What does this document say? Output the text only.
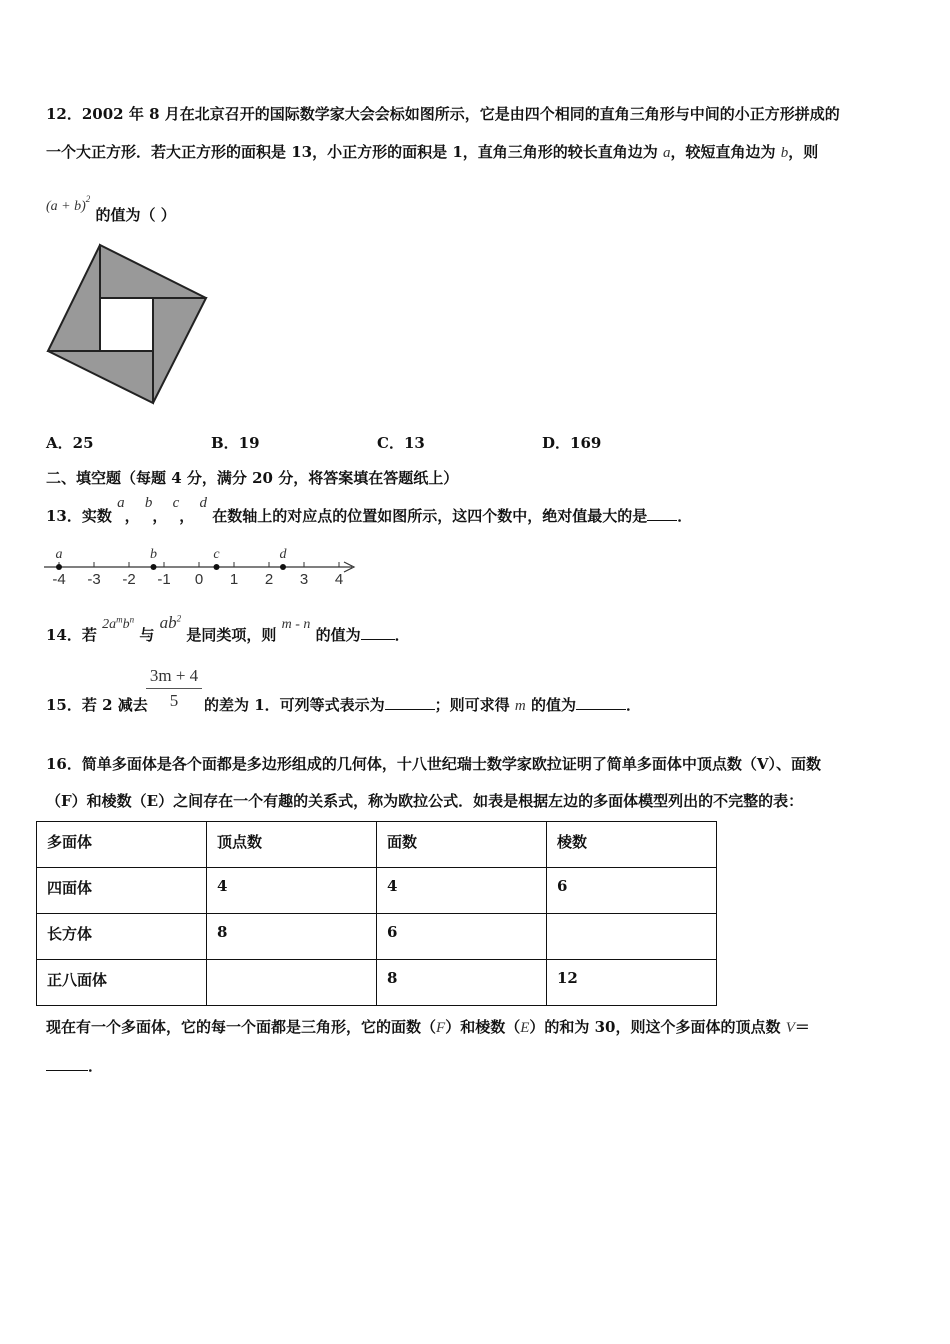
12．2002 年 8 月在北京召开的国际数学家大会会标如图所示，它是由四个相同的直角三角形与中间的小正方形拼成的
一个大正方形．若大正方形的面积是 13，小正方形的面积是 1，直角三角形的较长直角边为 a，较短直角边为 b，则
$(a + b)^2$ 的值为（ ）
A．25	B．19	C．13	D．169
二、填空题（每题 4 分，满分 20 分，将答案填在答题纸上）
13．实数 a， b， c， d 在数轴上的对应点的位置如图所示，这四个数中，绝对值最大的是 ．
-4 -3 -2 -1 0 1 2 3 4
a	b	c	d
14．若 $2a^mb^n$ 与 $ab^2$ 是同类项，则 m - n 的值为 ．
15．若 2 减去
3m + 4
5	的差为 1．可列等式表示为	；则可求得 m 的值为	．
16．简单多面体是各个面都是多边形组成的几何体，十八世纪瑞士数学家欧拉证明了简单多面体中顶点数（V）、面数
（F）和棱数（E）之间存在一个有趣的关系式，称为欧拉公式．如表是根据左边的多面体模型列出的不完整的表：
多面体	顶点数	面数	棱数
四面体	4	4	6
长方体	8	6	
正八面体		8	12
现在有一个多面体，它的每一个面都是三角形，它的面数（F）和棱数（E）的和为 30，则这个多面体的顶点数 V＝
．
